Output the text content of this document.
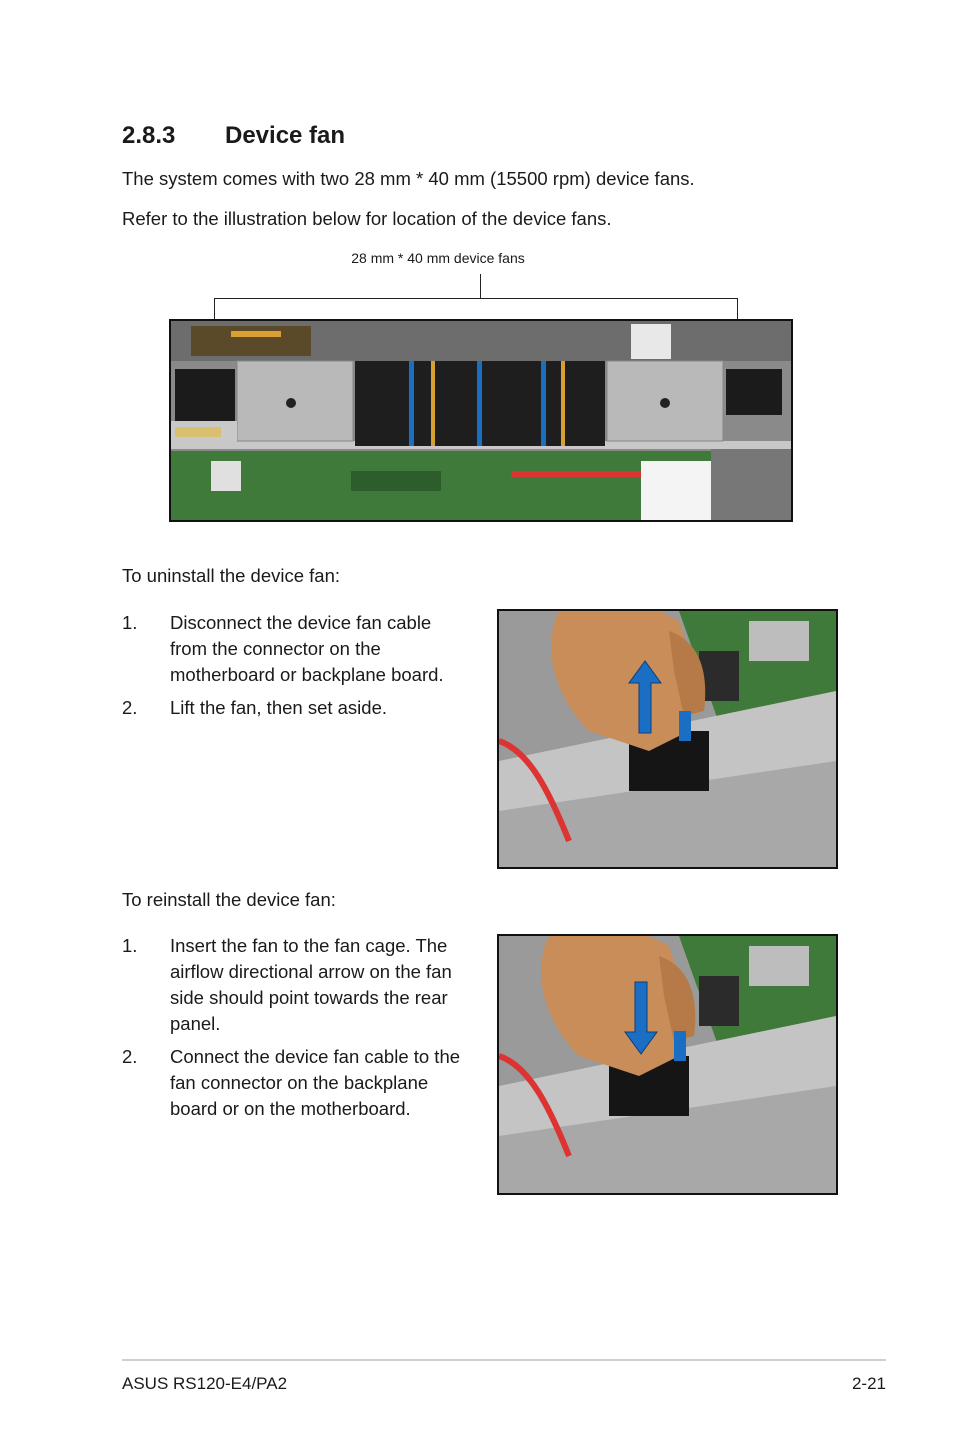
2.8.3 Device fan
The system comes with two 28 mm * 40 mm (15500 rpm) device fans.
Refer to the illustration below for location of the device fans.
28 mm * 40 mm device fans
To uninstall the device fan:
1. Disconnect the device fan cable from the connector on the motherboard or backplane board.
2. Lift the fan, then set aside.
To reinstall the device fan:
1. Insert the fan to the fan cage. The airflow directional arrow on the fan side should point towards the rear panel.
2. Connect the device fan cable to the fan connector on the backplane board or on the motherboard.
ASUS RS120-E4/PA2	2-21
